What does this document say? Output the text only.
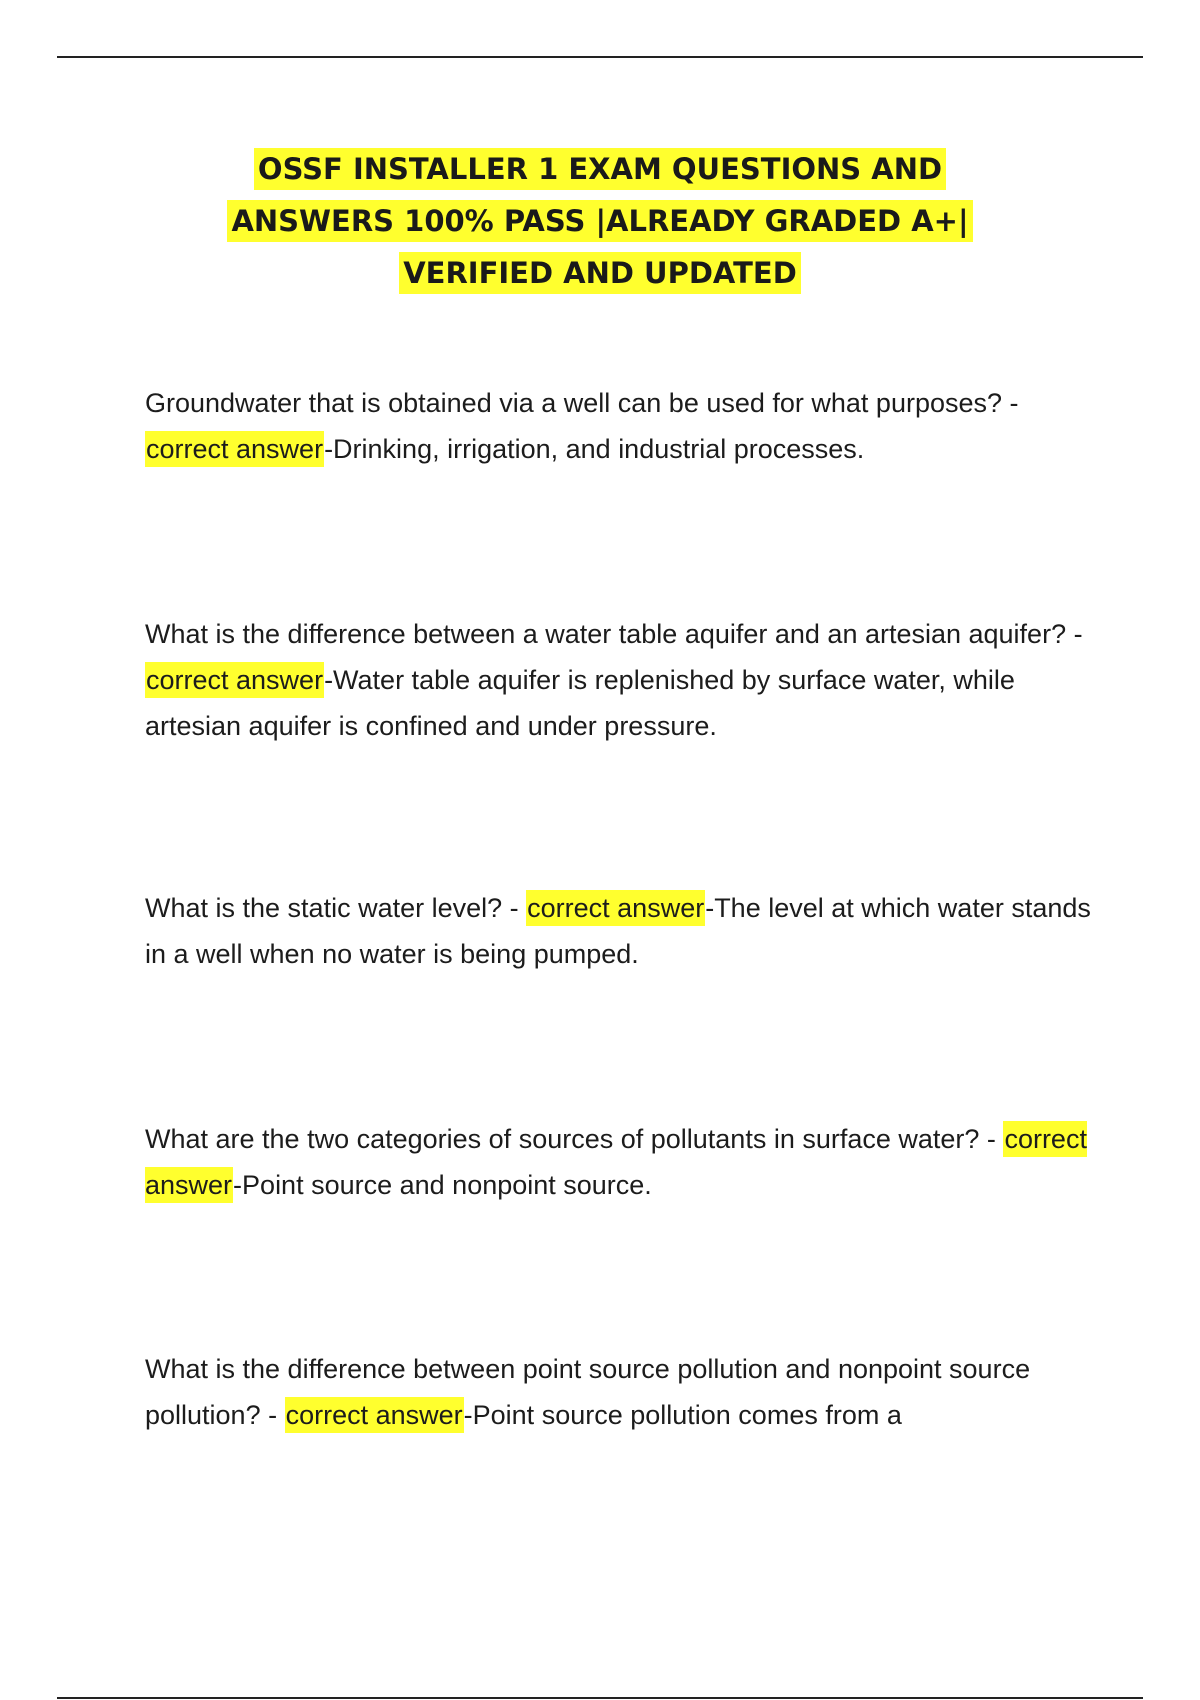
OSSF INSTALLER 1 EXAM QUESTIONS AND
ANSWERS 100% PASS |ALREADY GRADED A+|
VERIFIED AND UPDATED
Groundwater that is obtained via a well can be used for what purposes? - correct answer-Drinking, irrigation, and industrial processes.
What is the difference between a water table aquifer and an artesian aquifer? - correct answer-Water table aquifer is replenished by surface water, while artesian aquifer is confined and under pressure.
What is the static water level? - correct answer-The level at which water stands in a well when no water is being pumped.
What are the two categories of sources of pollutants in surface water? - correct answer-Point source and nonpoint source.
What is the difference between point source pollution and nonpoint source pollution? - correct answer-Point source pollution comes from a
